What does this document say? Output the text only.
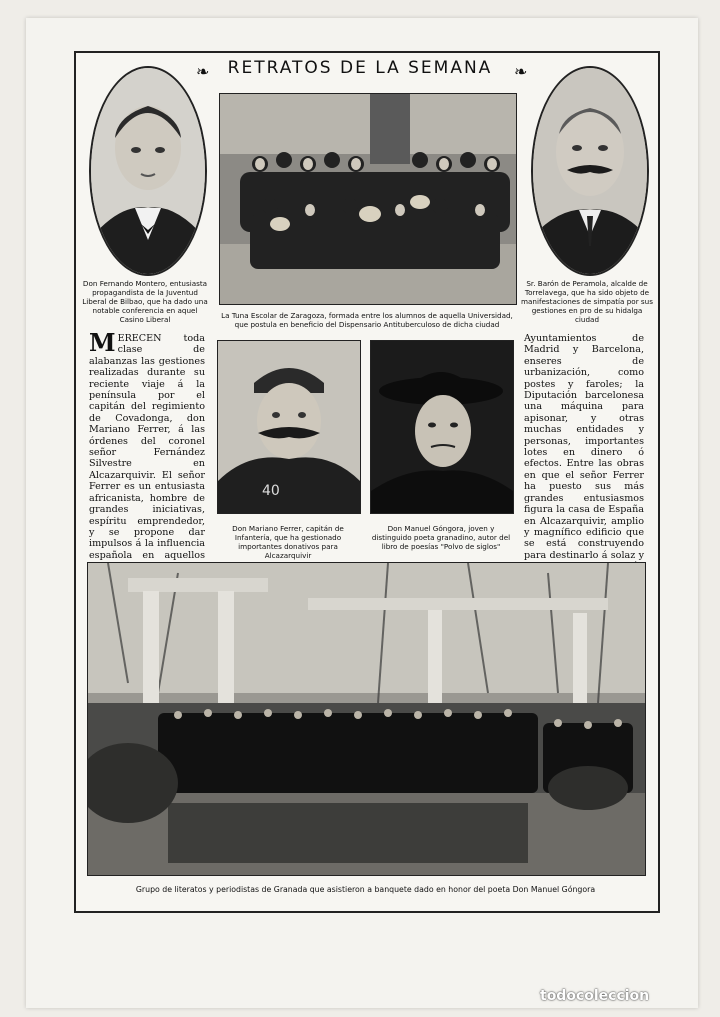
❧	RETRATOS DE LA SEMANA	❧
Don Fernando Montero, entusiasta propagandista de la Juventud Liberal de Bilbao, que ha dado una notable conferencia en aquel Casino Liberal
Sr. Barón de Peramola, alcalde de Torrelavega, que ha sido objeto de manifestaciones de simpatía por sus gestiones en pro de su hidalga ciudad
La Tuna Escolar de Zaragoza, formada entre los alumnos de aquella Universidad, que postula en beneficio del Dispensario Antituberculoso de dicha ciudad
MERECEN toda clase de alabanzas las gestiones realizadas durante su reciente viaje á la península por el capitán del regimiento de Covadonga, don Mariano Ferrer, á las órdenes del coronel señor Fernández Silvestre en Alcazarquivir. El señor Ferrer es un entusiasta africanista, hombre de grandes iniciativas, espíritu emprendedor, y se propone dar impulsos á la influencia española en aquellos
40
Don Mariano Ferrer, capitán de Infantería, que ha gestionado importantes donativos para Alcazarquivir
Don Manuel Góngora, joven y distinguido poeta granadino, autor del libro de poesías "Polvo de siglos"
Ayuntamientos de Madrid y Barcelona, enseres de urbanización, como postes y faroles; la Diputación barcelonesa una máquina para apisonar, y otras muchas entidades y personas, importantes lotes en dinero ó efectos. Entre las obras en que el señor Ferrer ha puesto sus más grandes entusiasmos figura la casa de España en Alcazarquivir, amplio y magnífico edificio que se está construyendo para destinarlo á solaz y
Grupo de literatos y periodistas de Granada que asistieron a banquete dado en honor del poeta Don Manuel Góngora
todocoleccion
